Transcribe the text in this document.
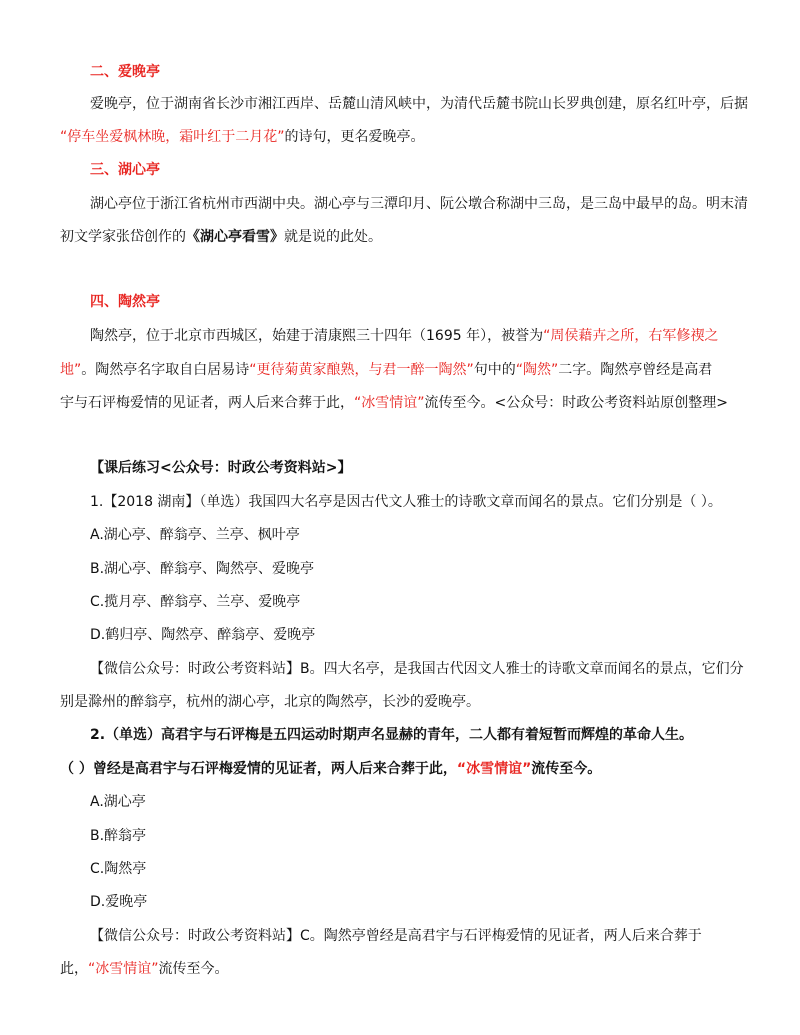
二、爱晚亭
爱晚亭，位于湖南省长沙市湘江西岸、岳麓山清风峡中，为清代岳麓书院山长罗典创建，原名红叶亭，后据
“停车坐爱枫林晚，霜叶红于二月花”的诗句，更名爱晚亭。
三、湖心亭
湖心亭位于浙江省杭州市西湖中央。湖心亭与三潭印月、阮公墩合称湖中三岛，是三岛中最早的岛。明末清
初文学家张岱创作的《湖心亭看雪》就是说的此处。
四、陶然亭
陶然亭，位于北京市西城区，始建于清康熙三十四年（1695 年），被誉为“周侯藉卉之所，右军修禊之
地”。陶然亭名字取自白居易诗“更待菊黄家酿熟，与君一醉一陶然”句中的“陶然”二字。陶然亭曾经是高君
宇与石评梅爱情的见证者，两人后来合葬于此，“冰雪情谊”流传至今。<公众号：时政公考资料站原创整理>
【课后练习<公众号：时政公考资料站>】
1.【2018 湖南】（单选）我国四大名亭是因古代文人雅士的诗歌文章而闻名的景点。它们分别是（ ）。
A.湖心亭、醉翁亭、兰亭、枫叶亭
B.湖心亭、醉翁亭、陶然亭、爱晚亭
C.揽月亭、醉翁亭、兰亭、爱晚亭
D.鹤归亭、陶然亭、醉翁亭、爱晚亭
【微信公众号：时政公考资料站】B。四大名亭，是我国古代因文人雅士的诗歌文章而闻名的景点，它们分
别是滁州的醉翁亭，杭州的湖心亭，北京的陶然亭，长沙的爱晚亭。
2.（单选）高君宇与石评梅是五四运动时期声名显赫的青年，二人都有着短暂而辉煌的革命人生。
（ ）曾经是高君宇与石评梅爱情的见证者，两人后来合葬于此，“冰雪情谊”流传至今。
A.湖心亭
B.醉翁亭
C.陶然亭
D.爱晚亭
【微信公众号：时政公考资料站】C。陶然亭曾经是高君宇与石评梅爱情的见证者，两人后来合葬于
此，“冰雪情谊”流传至今。
